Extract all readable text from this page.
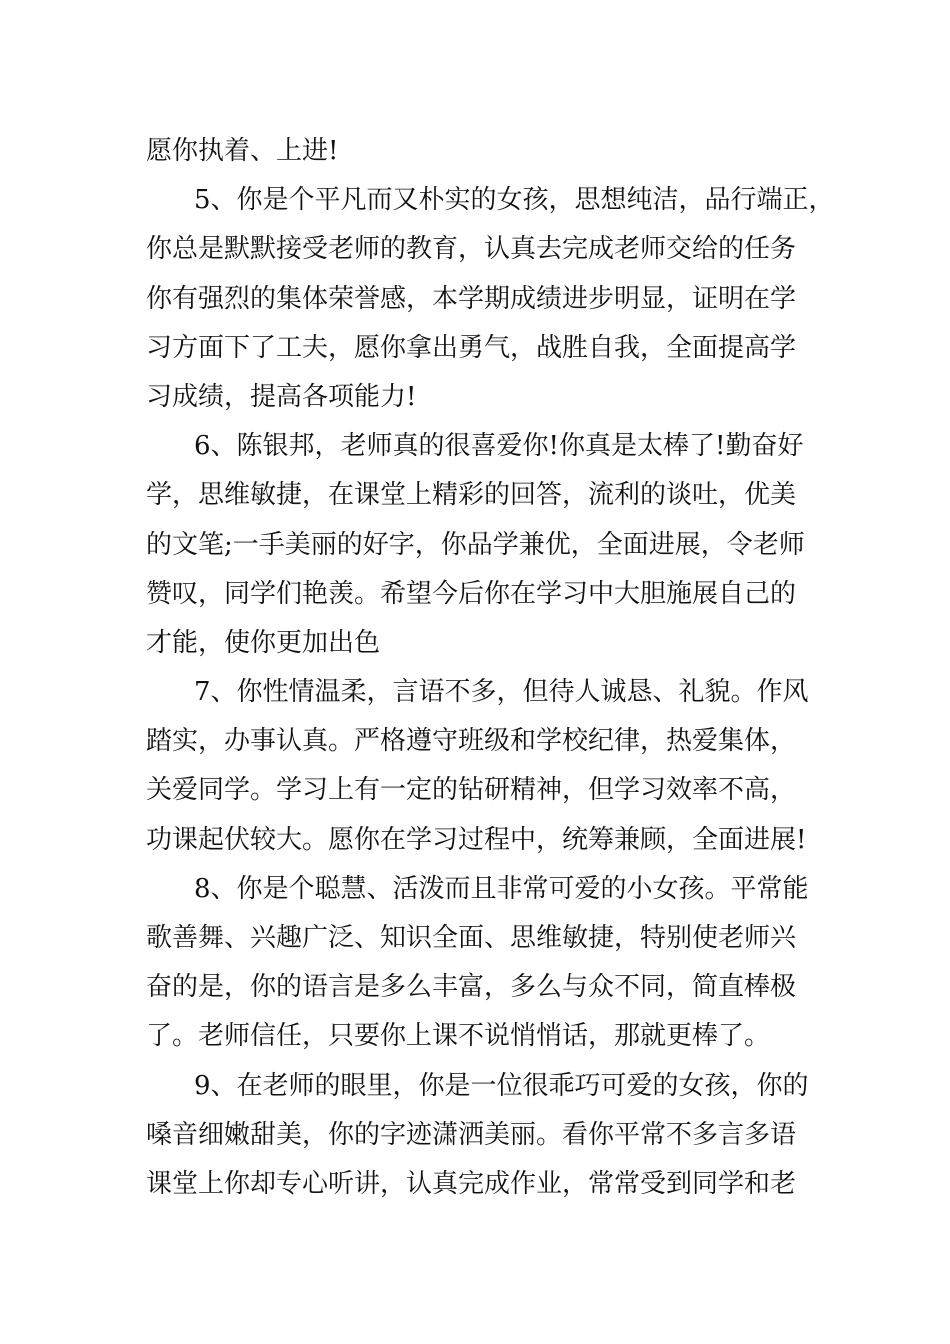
愿你执着、上进!
5、你是个平凡而又朴实的女孩，思想纯洁，品行端正，
你总是默默接受老师的教育，认真去完成老师交给的任务
你有强烈的集体荣誉感，本学期成绩进步明显，证明在学
习方面下了工夫，愿你拿出勇气，战胜自我，全面提高学
习成绩，提高各项能力!
6、陈银邦，老师真的很喜爱你!你真是太棒了!勤奋好
学，思维敏捷，在课堂上精彩的回答，流利的谈吐，优美
的文笔;一手美丽的好字，你品学兼优，全面进展，令老师
赞叹，同学们艳羡。希望今后你在学习中大胆施展自己的
才能，使你更加出色
7、你性情温柔，言语不多，但待人诚恳、礼貌。作风
踏实，办事认真。严格遵守班级和学校纪律，热爱集体，
关爱同学。学习上有一定的钻研精神，但学习效率不高，
功课起伏较大。愿你在学习过程中，统筹兼顾，全面进展!
8、你是个聪慧、活泼而且非常可爱的小女孩。平常能
歌善舞、兴趣广泛、知识全面、思维敏捷，特别使老师兴
奋的是，你的语言是多么丰富，多么与众不同，简直棒极
了。老师信任，只要你上课不说悄悄话，那就更棒了。
9、在老师的眼里，你是一位很乖巧可爱的女孩，你的
嗓音细嫩甜美，你的字迹潇洒美丽。看你平常不多言多语
课堂上你却专心听讲，认真完成作业，常常受到同学和老
